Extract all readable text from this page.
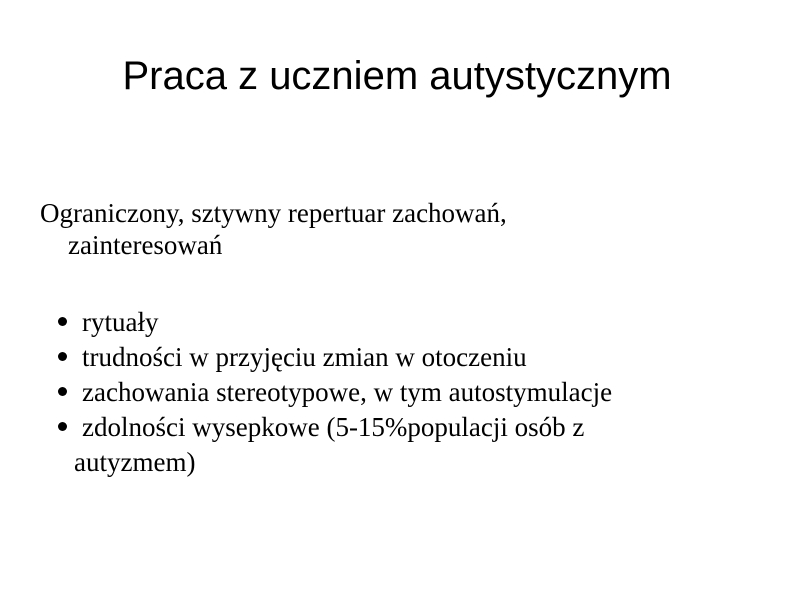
Praca z uczniem autystycznym
Ograniczony, sztywny repertuar zachowań,
zainteresowań
rytuały
trudności w przyjęciu zmian w otoczeniu
zachowania stereotypowe, w tym autostymulacje
zdolności wysepkowe (5-15%populacji osób z
autyzmem)
